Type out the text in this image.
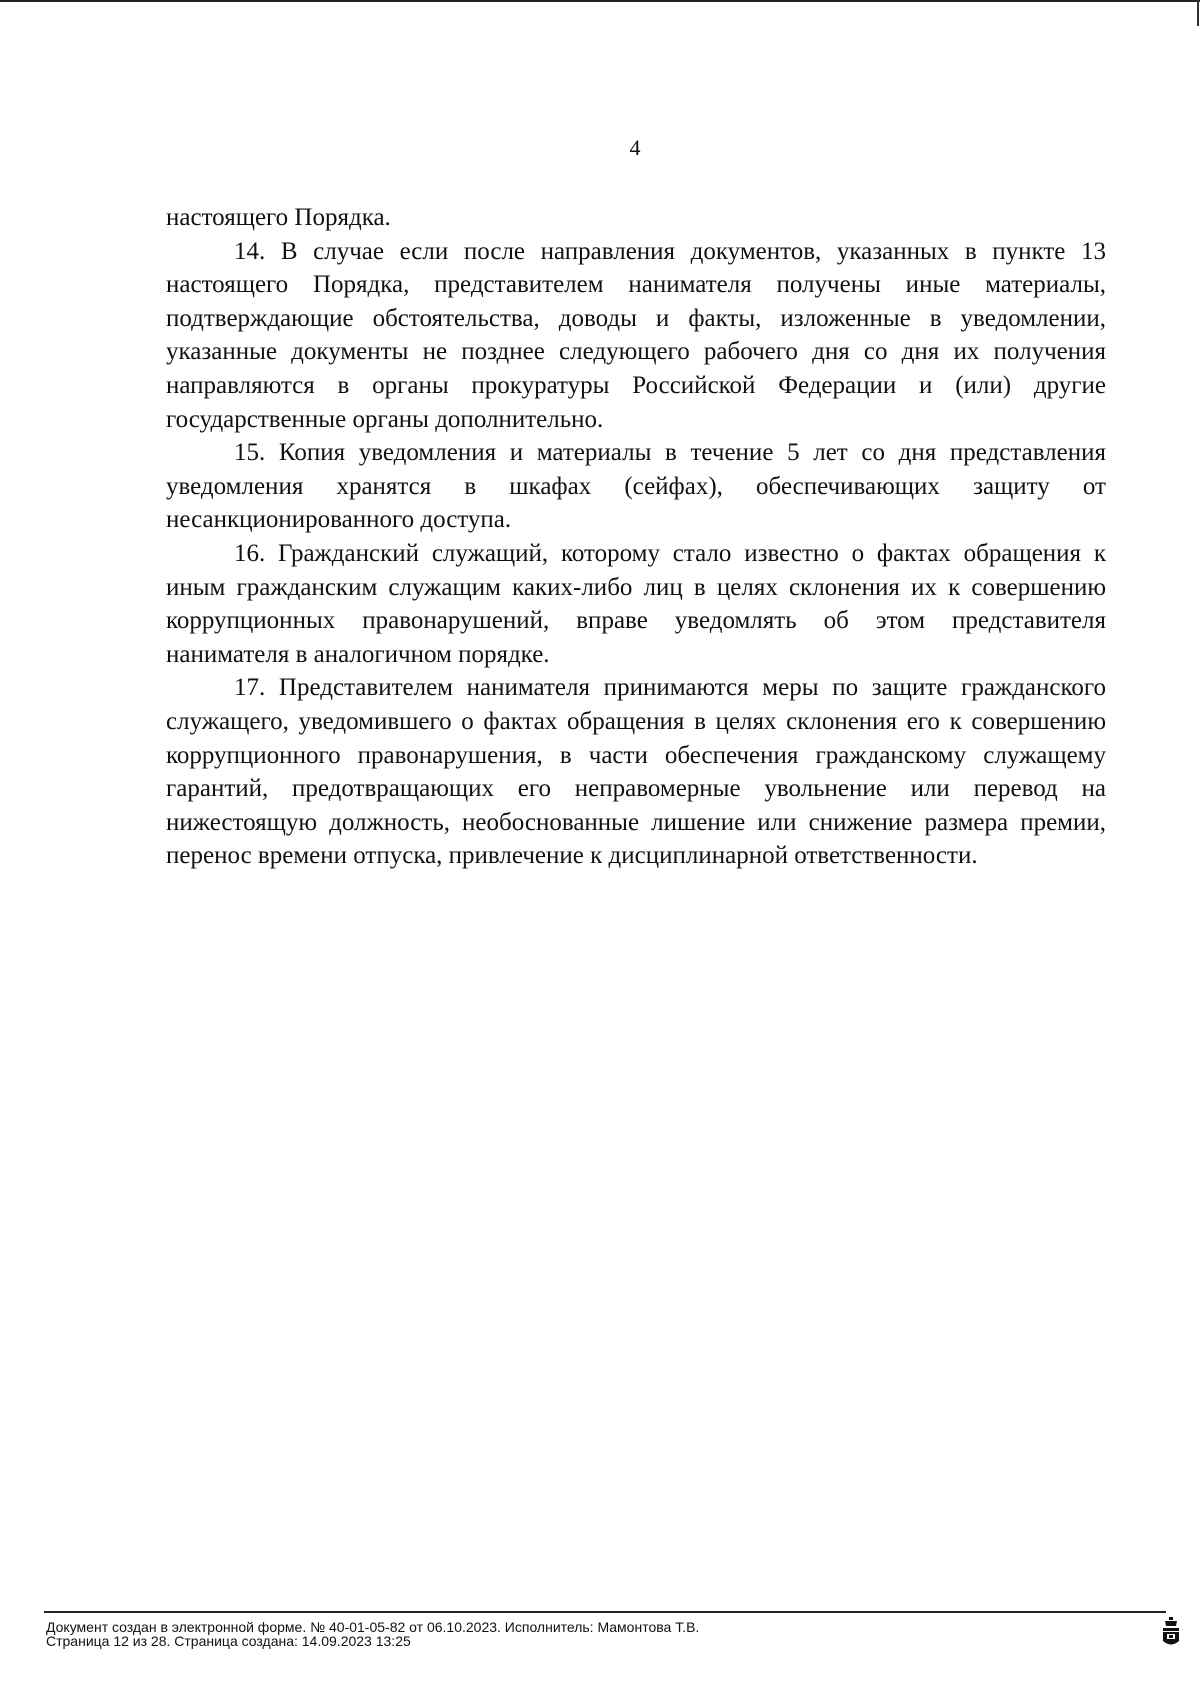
4

настоящего Порядка.

14. В случае если после направления документов, указанных в пункте 13 настоящего Порядка, представителем нанимателя получены иные материалы, подтверждающие обстоятельства, доводы и факты, изложенные в уведомлении, указанные документы не позднее следующего рабочего дня со дня их получения направляются в органы прокуратуры Российской Федерации и (или) другие государственные органы дополнительно.

15. Копия уведомления и материалы в течение 5 лет со дня представления уведомления хранятся в шкафах (сейфах), обеспечивающих защиту от несанкционированного доступа.

16. Гражданский служащий, которому стало известно о фактах обращения к иным гражданским служащим каких-либо лиц в целях склонения их к совершению коррупционных правонарушений, вправе уведомлять об этом представителя нанимателя в аналогичном порядке.

17. Представителем нанимателя принимаются меры по защите гражданского служащего, уведомившего о фактах обращения в целях склонения его к совершению коррупционного правонарушения, в части обеспечения гражданскому служащему гарантий, предотвращающих его неправомерные увольнение или перевод на нижестоящую должность, необоснованные лишение или снижение размера премии, перенос времени отпуска, привлечение к дисциплинарной ответственности.

Документ создан в электронной форме. № 40-01-05-82 от 06.10.2023. Исполнитель: Мамонтова Т.В.
Страница 12 из 28. Страница создана: 14.09.2023 13:25
